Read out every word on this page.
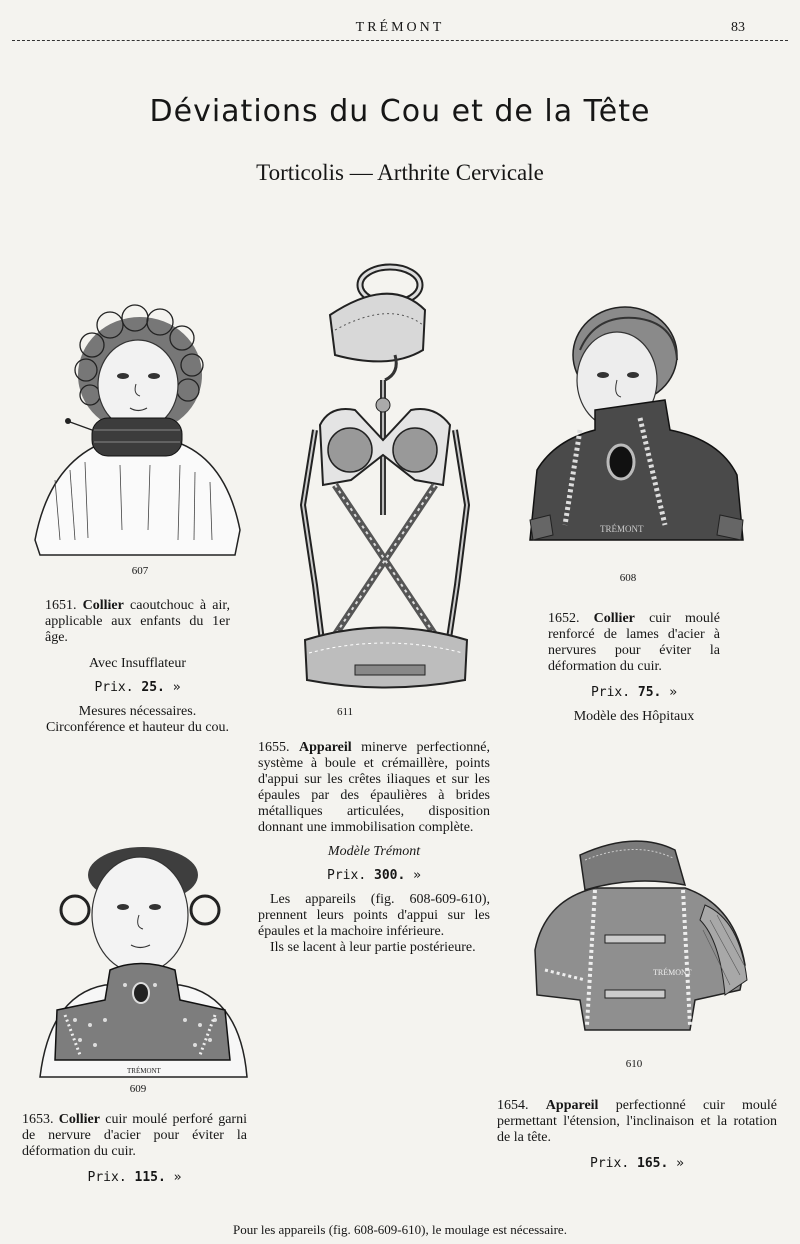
TRÉMONT	83
Déviations du Cou et de la Tête
Torticolis — Arthrite Cervicale
607
611
TRÉMONT
608
1651. Collier caoutchouc à air, applicable aux enfants du 1er âge.
Avec Insufflateur
Prix. 25. »
Mesures nécessaires. Circonférence et hauteur du cou.
1652. Collier cuir moulé renforcé de lames d'acier à nervures pour éviter la déformation du cuir.
Prix. 75. »
Modèle des Hôpitaux
1655. Appareil minerve perfectionné, système à boule et crémaillère, points d'appui sur les crêtes iliaques et sur les épaules par des épaulières à brides métalliques articulées, disposition donnant une immobilisation complète.
Modèle Trémont
Prix. 300. »
Les appareils (fig. 608-609-610), prennent leurs points d'appui sur les épaules et la machoire inférieure.
Ils se lacent à leur partie postérieure.
TRÉMONT
610
TRÉMONT
609
1653. Collier cuir moulé perforé garni de nervure d'acier pour éviter la déformation du cuir.
Prix. 115. »
1654. Appareil perfectionné cuir moulé permettant l'étension, l'inclinaison et la rotation de la tête.
Prix. 165. »
Pour les appareils (fig. 608-609-610), le moulage est nécessaire.
